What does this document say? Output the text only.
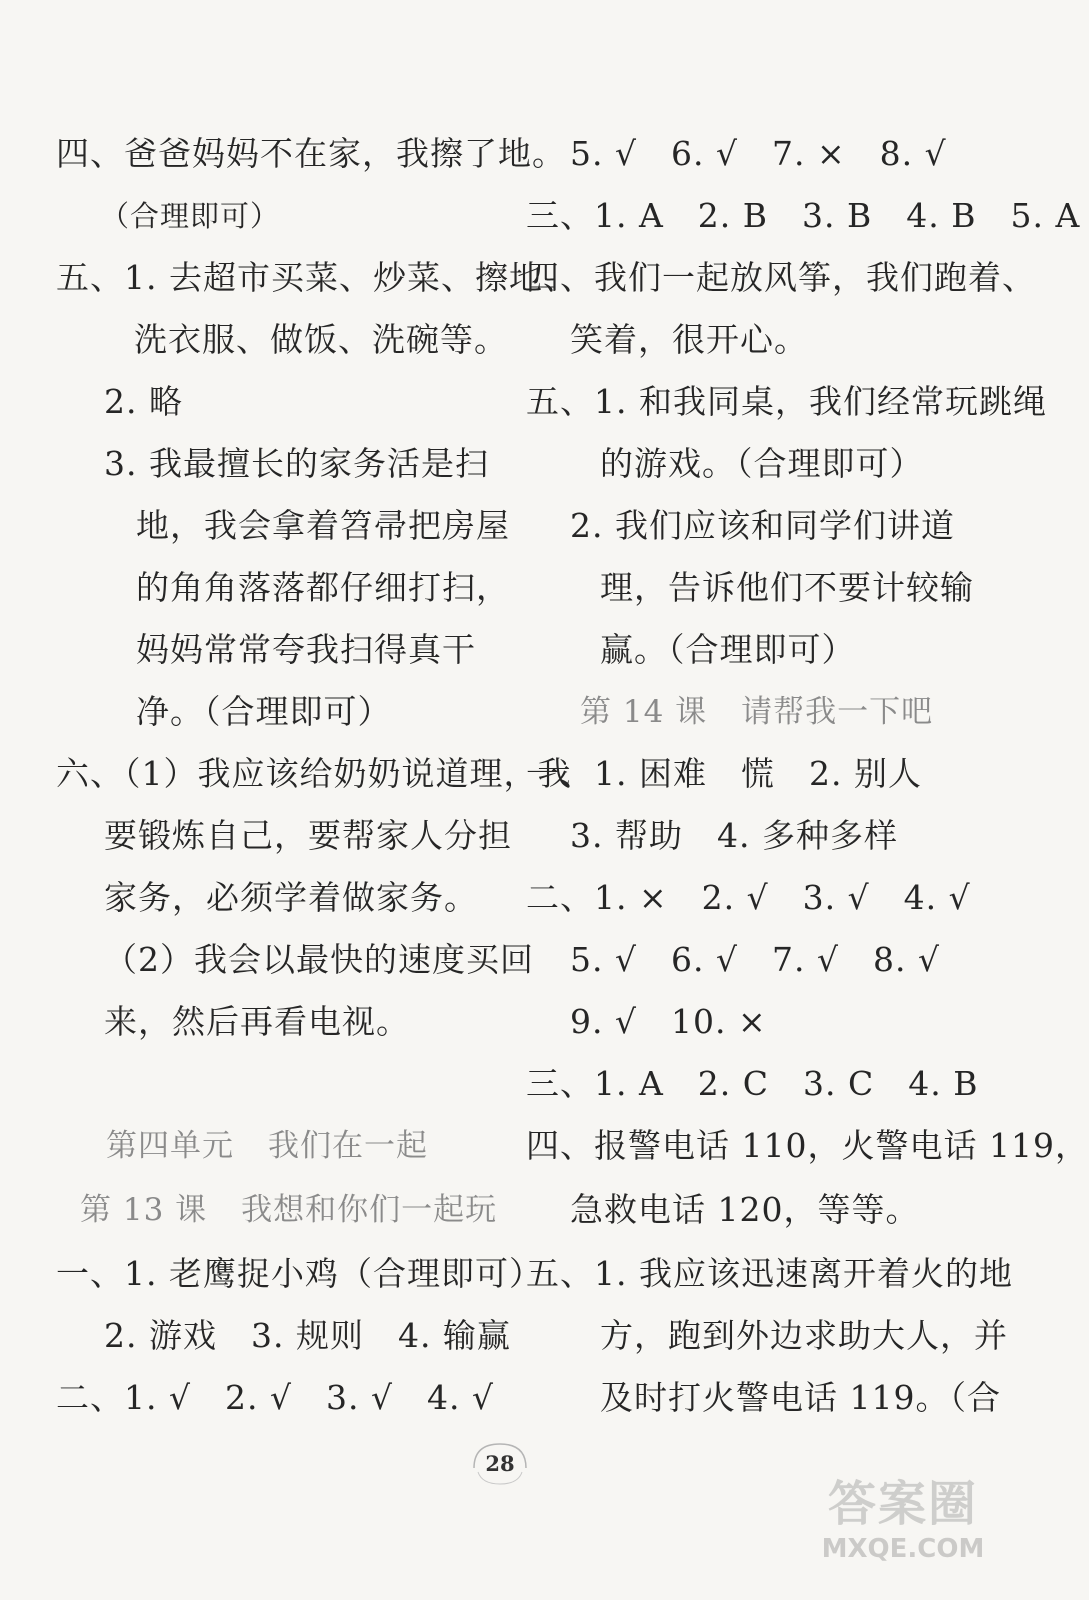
四、爸爸妈妈不在家，我擦了地。
（合理即可）
五、1. 去超市买菜、炒菜、擦地、
洗衣服、做饭、洗碗等。
2. 略
3. 我最擅长的家务活是扫
地，我会拿着笤帚把房屋
的角角落落都仔细打扫，
妈妈常常夸我扫得真干
净。（合理即可）
六、（1）我应该给奶奶说道理，我
要锻炼自己，要帮家人分担
家务，必须学着做家务。
（2）我会以最快的速度买回
来，然后再看电视。
第四单元 我们在一起
第 13 课 我想和你们一起玩
一、1. 老鹰捉小鸡（合理即可）
2. 游戏　3. 规则　4. 输赢
二、1. √　2. √　3. √　4. √
5. √　6. √　7. ×　8. √
三、1. A　2. B　3. B　4. B　5. A
四、我们一起放风筝，我们跑着、
笑着，很开心。
五、1. 和我同桌，我们经常玩跳绳
的游戏。（合理即可）
2. 我们应该和同学们讲道
理，告诉他们不要计较输
赢。（合理即可）
第 14 课 请帮我一下吧
一、1. 困难　慌　2. 别人
3. 帮助　4. 多种多样
二、1. ×　2. √　3. √　4. √
5. √　6. √　7. √　8. √
9. √　10. ×
三、1. A　2. C　3. C　4. B
四、报警电话 110，火警电话 119，
急救电话 120，等等。
五、1. 我应该迅速离开着火的地
方，跑到外边求助大人，并
及时打火警电话 119。（合
28
答案圈
MXQE.COM
